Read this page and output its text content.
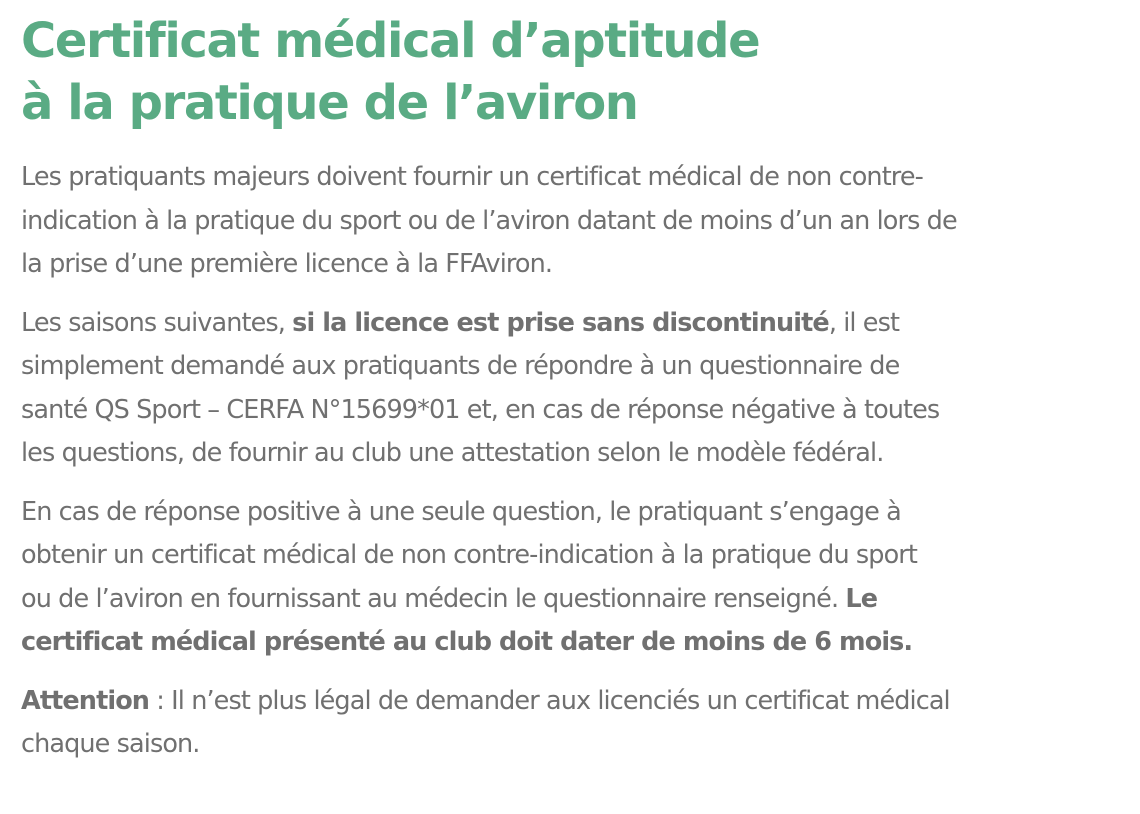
Certificat médical d’aptitude
à la pratique de l’aviron

Les pratiquants majeurs doivent fournir un certificat médical de non contre-
indication à la pratique du sport ou de l’aviron datant de moins d’un an lors de
la prise d’une première licence à la FFAviron.

Les saisons suivantes, si la licence est prise sans discontinuité, il est
simplement demandé aux pratiquants de répondre à un questionnaire de
santé QS Sport – CERFA N°15699*01 et, en cas de réponse négative à toutes
les questions, de fournir au club une attestation selon le modèle fédéral.

En cas de réponse positive à une seule question, le pratiquant s’engage à
obtenir un certificat médical de non contre-indication à la pratique du sport
ou de l’aviron en fournissant au médecin le questionnaire renseigné. Le
certificat médical présenté au club doit dater de moins de 6 mois.

Attention : Il n’est plus légal de demander aux licenciés un certificat médical
chaque saison.
